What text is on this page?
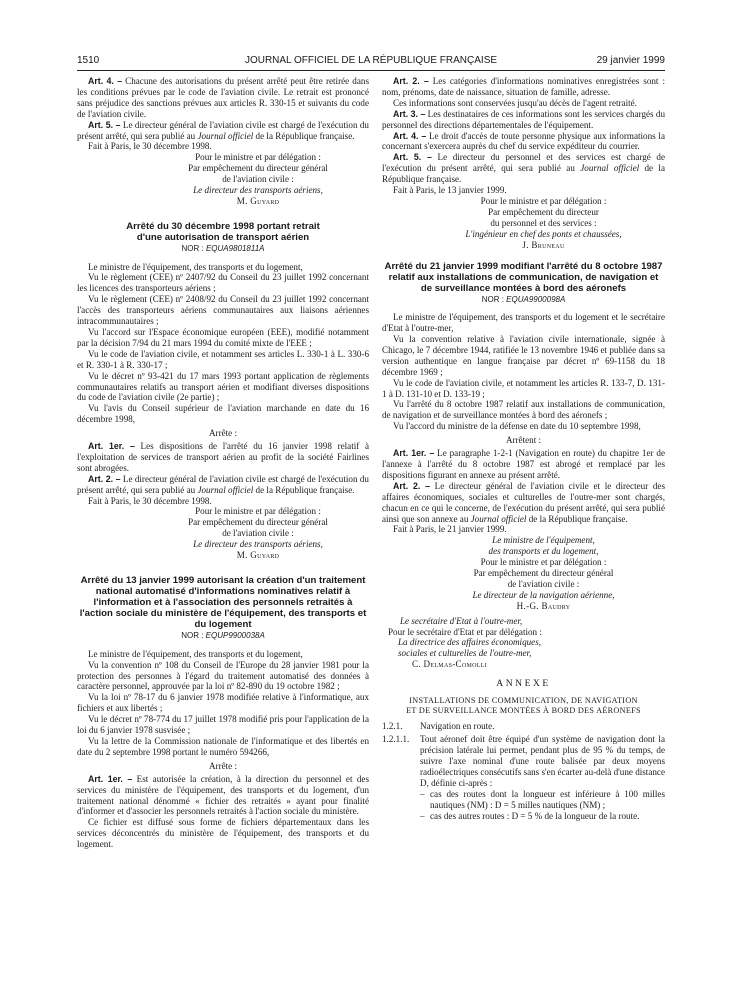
1510	JOURNAL OFFICIEL DE LA RÉPUBLIQUE FRANÇAISE	29 janvier 1999

Art. 4. – Chacune des autorisations du présent arrêté peut être retirée dans les conditions prévues par le code de l'aviation civile. Le retrait est prononcé sans préjudice des sanctions prévues aux articles R. 330-15 et suivants du code de l'aviation civile.

Art. 5. – Le directeur général de l'aviation civile est chargé de l'exécution du présent arrêté, qui sera publié au Journal officiel de la République française.

Fait à Paris, le 30 décembre 1998.

Pour le ministre et par délégation :
Par empêchement du directeur général
de l'aviation civile :
Le directeur des transports aériens,
M. Guyard
Arrêté du 30 décembre 1998 portant retrait
d'une autorisation de transport aérien
NOR : EQUA9801811A

Le ministre de l'équipement, des transports et du logement,

Vu le règlement (CEE) nº 2407/92 du Conseil du 23 juillet 1992 concernant les licences des transporteurs aériens ;

Vu le règlement (CEE) nº 2408/92 du Conseil du 23 juillet 1992 concernant l'accès des transporteurs aériens communautaires aux liaisons aériennes intracommunautaires ;

Vu l'accord sur l'Espace économique européen (EEE), modifié notamment par la décision 7/94 du 21 mars 1994 du comité mixte de l'EEE ;

Vu le code de l'aviation civile, et notamment ses articles L. 330-1 à L. 330-6 et R. 330-1 à R. 330-17 ;

Vu le décret nº 93-421 du 17 mars 1993 portant application de règlements communautaires relatifs au transport aérien et modifiant diverses dispositions du code de l'aviation civile (2e partie) ;

Vu l'avis du Conseil supérieur de l'aviation marchande en date du 16 décembre 1998,

Arrête :

Art. 1er. – Les dispositions de l'arrêté du 16 janvier 1998 relatif à l'exploitation de services de transport aérien au profit de la société Fairlines sont abrogées.

Art. 2. – Le directeur général de l'aviation civile est chargé de l'exécution du présent arrêté, qui sera publié au Journal officiel de la République française.

Fait à Paris, le 30 décembre 1998.

Pour le ministre et par délégation :
Par empêchement du directeur général
de l'aviation civile :
Le directeur des transports aériens,
M. Guyard
Arrêté du 13 janvier 1999 autorisant la création d'un traitement national automatisé d'informations nominatives relatif à l'information et à l'association des personnels retraités à l'action sociale du ministère de l'équipement, des transports et du logement
NOR : EQUP9900038A

Le ministre de l'équipement, des transports et du logement,

Vu la convention nº 108 du Conseil de l'Europe du 28 janvier 1981 pour la protection des personnes à l'égard du traitement automatisé des données à caractère personnel, approuvée par la loi nº 82-890 du 19 octobre 1982 ;

Vu la loi nº 78-17 du 6 janvier 1978 modifiée relative à l'informatique, aux fichiers et aux libertés ;

Vu le décret nº 78-774 du 17 juillet 1978 modifié pris pour l'application de la loi du 6 janvier 1978 susvisée ;

Vu la lettre de la Commission nationale de l'informatique et des libertés en date du 2 septembre 1998 portant le numéro 594266,

Arrête :

Art. 1er. – Est autorisée la création, à la direction du personnel et des services du ministère de l'équipement, des transports et du logement, d'un traitement national dénommé « fichier des retraités » ayant pour finalité d'informer et d'associer les personnels retraités à l'action sociale du ministère.

Ce fichier est diffusé sous forme de fichiers départementaux dans les services déconcentrés du ministère de l'équipement, des transports et du logement.

Art. 2. – Les catégories d'informations nominatives enregistrées sont : nom, prénoms, date de naissance, situation de famille, adresse.

Ces informations sont conservées jusqu'au décès de l'agent retraité.

Art. 3. – Les destinataires de ces informations sont les services chargés du personnel des directions départementales de l'équipement.

Art. 4. – Le droit d'accès de toute personne physique aux informations la concernant s'exercera auprès du chef du service expéditeur du courrier.

Art. 5. – Le directeur du personnel et des services est chargé de l'exécution du présent arrêté, qui sera publié au Journal officiel de la République française.

Fait à Paris, le 13 janvier 1999.

Pour le ministre et par délégation :
Par empêchement du directeur
du personnel et des services :
L'ingénieur en chef des ponts et chaussées,
J. Bruneau
Arrêté du 21 janvier 1999 modifiant l'arrêté du 8 octobre 1987 relatif aux installations de communication, de navigation et de surveillance montées à bord des aéronefs
NOR : EQUA9900098A

Le ministre de l'équipement, des transports et du logement et le secrétaire d'Etat à l'outre-mer,

Vu la convention relative à l'aviation civile internationale, signée à Chicago, le 7 décembre 1944, ratifiée le 13 novembre 1946 et publiée dans sa version authentique en langue française par décret nº 69-1158 du 18 décembre 1969 ;

Vu le code de l'aviation civile, et notamment les articles R. 133-7, D. 131-1 à D. 131-10 et D. 133-19 ;

Vu l'arrêté du 8 octobre 1987 relatif aux installations de communication, de navigation et de surveillance montées à bord des aéronefs ;

Vu l'accord du ministre de la défense en date du 10 septembre 1998,

Arrêtent :

Art. 1er. – Le paragraphe 1-2-1 (Navigation en route) du chapitre 1er de l'annexe à l'arrêté du 8 octobre 1987 est abrogé et remplacé par les dispositions figurant en annexe au présent arrêté.

Art. 2. – Le directeur général de l'aviation civile et le directeur des affaires économiques, sociales et culturelles de l'outre-mer sont chargés, chacun en ce qui le concerne, de l'exécution du présent arrêté, qui sera publié ainsi que son annexe au Journal officiel de la République française.

Fait à Paris, le 21 janvier 1999.

Le ministre de l'équipement,
des transports et du logement,
Pour le ministre et par délégation :
Par empêchement du directeur général
de l'aviation civile :
Le directeur de la navigation aérienne,
H.-G. Baudry
Le secrétaire d'Etat à l'outre-mer,
Pour le secrétaire d'Etat et par délégation :
La directrice des affaires économiques,
sociales et culturelles de l'outre-mer,
C. Delmas-Comolli
ANNEXE
INSTALLATIONS DE COMMUNICATION, DE NAVIGATION
ET DE SURVEILLANCE MONTÉES À BORD DES AÉRONEFS
1.2.1.	Navigation en route.
1.2.1.1.	Tout aéronef doit être équipé d'un système de navigation dont la précision latérale lui permet, pendant plus de 95 % du temps, de suivre l'axe nominal d'une route balisée par deux moyens radioélectriques consécutifs sans s'en écarter au-delà d'une distance D, définie ci-après :
– cas des routes dont la longueur est inférieure à 100 milles nautiques (NM) : D = 5 milles nautiques (NM) ;
– cas des autres routes : D = 5 % de la longueur de la route.
